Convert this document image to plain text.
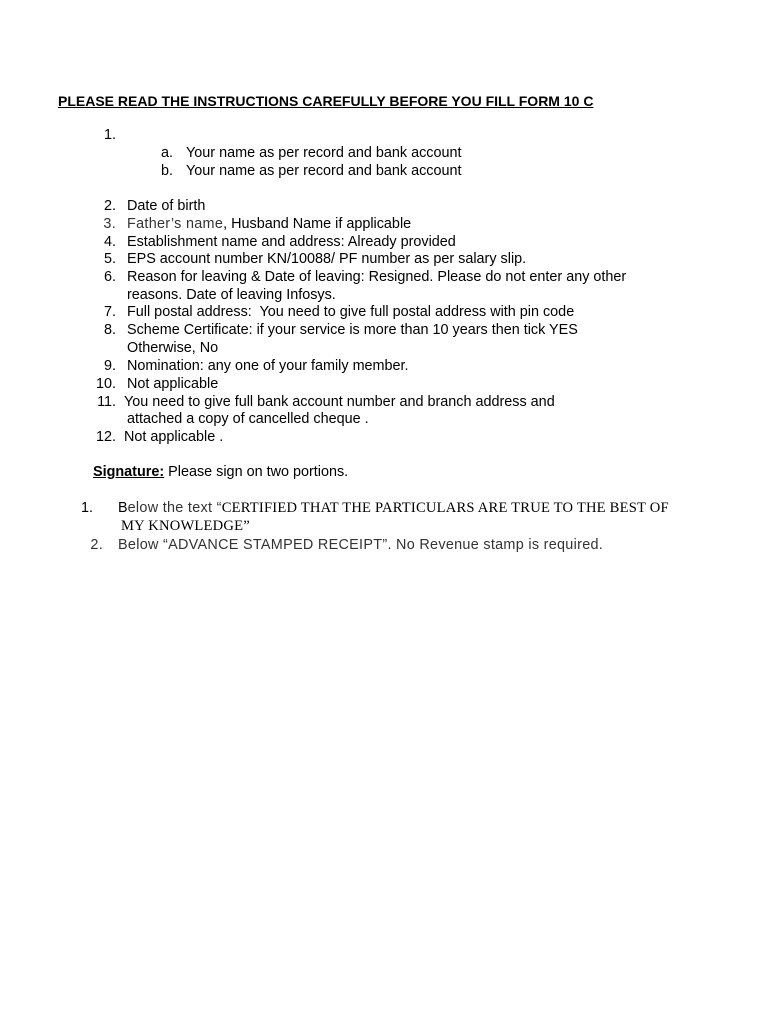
PLEASE READ THE INSTRUCTIONS CAREFULLY BEFORE YOU FILL FORM 10 C
1.
a. Your name as per record and bank account
b. Your name as per record and bank account
2. Date of birth
3. Father’s name, Husband Name if applicable
4. Establishment name and address: Already provided
5. EPS account number KN/10088/ PF number as per salary slip.
6. Reason for leaving & Date of leaving: Resigned. Please do not enter any other
reasons. Date of leaving Infosys.
7. Full postal address:  You need to give full postal address with pin code
8. Scheme Certificate: if your service is more than 10 years then tick YES
Otherwise, No
9. Nomination: any one of your family member.
10. Not applicable
11. You need to give full bank account number and branch address and
attached a copy of cancelled cheque .
12. Not applicable .
Signature: Please sign on two portions.
1. Below the text “CERTIFIED THAT THE PARTICULARS ARE TRUE TO THE BEST OF
MY KNOWLEDGE”
2. Below “ADVANCE STAMPED RECEIPT”. No Revenue stamp is required.
